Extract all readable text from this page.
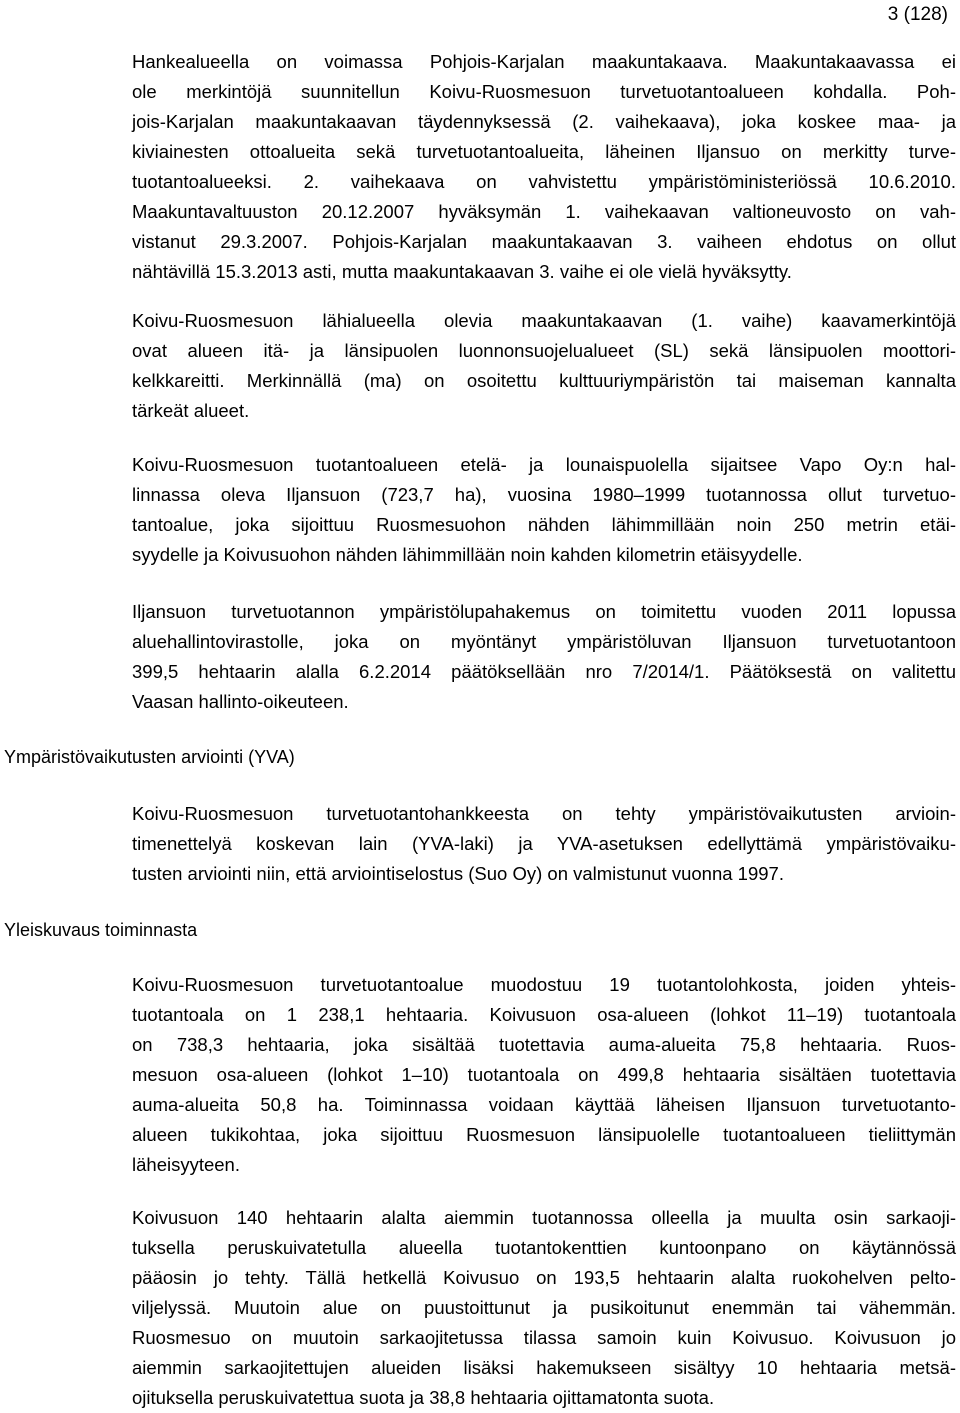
3 (128)
Hankealueella on voimassa Pohjois-Karjalan maakuntakaava. Maakuntakaavassa ei
ole merkintöjä suunnitellun Koivu-Ruosmesuon turvetuotantoalueen kohdalla. Poh-
jois-Karjalan maakuntakaavan täydennyksessä (2. vaihekaava), joka koskee maa- ja
kiviainesten ottoalueita sekä turvetuotantoalueita, läheinen Iljansuo on merkitty turve-
tuotantoalueeksi. 2. vaihekaava on vahvistettu ympäristöministeriössä 10.6.2010.
Maakuntavaltuuston 20.12.2007 hyväksymän 1. vaihekaavan valtioneuvosto on vah-
vistanut 29.3.2007. Pohjois-Karjalan maakuntakaavan 3. vaiheen ehdotus on ollut
nähtävillä 15.3.2013 asti, mutta maakuntakaavan 3. vaihe ei ole vielä hyväksytty.
Koivu-Ruosmesuon lähialueella olevia maakuntakaavan (1. vaihe) kaavamerkintöjä
ovat alueen itä- ja länsipuolen luonnonsuojelualueet (SL) sekä länsipuolen moottori-
kelkkareitti. Merkinnällä (ma) on osoitettu kulttuuriympäristön tai maiseman kannalta
tärkeät alueet.
Koivu-Ruosmesuon tuotantoalueen etelä- ja lounaispuolella sijaitsee Vapo Oy:n hal-
linnassa oleva Iljansuon (723,7 ha), vuosina 1980–1999 tuotannossa ollut turvetuo-
tantoalue, joka sijoittuu Ruosmesuohon nähden lähimmillään noin 250 metrin etäi-
syydelle ja Koivusuohon nähden lähimmillään noin kahden kilometrin etäisyydelle.
Iljansuon turvetuotannon ympäristölupahakemus on toimitettu vuoden 2011 lopussa
aluehallintovirastolle, joka on myöntänyt ympäristöluvan Iljansuon turvetuotantoon
399,5 hehtaarin alalla 6.2.2014 päätöksellään nro 7/2014/1. Päätöksestä on valitettu
Vaasan hallinto-oikeuteen.
Ympäristövaikutusten arviointi (YVA)
Koivu-Ruosmesuon turvetuotantohankkeesta on tehty ympäristövaikutusten arvioin-
timenettelyä koskevan lain (YVA-laki) ja YVA-asetuksen edellyttämä ympäristövaiku-
tusten arviointi niin, että arviointiselostus (Suo Oy) on valmistunut vuonna 1997.
Yleiskuvaus toiminnasta
Koivu-Ruosmesuon turvetuotantoalue muodostuu 19 tuotantolohkosta, joiden yhteis-
tuotantoala on 1 238,1 hehtaaria. Koivusuon osa-alueen (lohkot 11–19) tuotantoala
on 738,3 hehtaaria, joka sisältää tuotettavia auma-alueita 75,8 hehtaaria. Ruos-
mesuon osa-alueen (lohkot 1–10) tuotantoala on 499,8 hehtaaria sisältäen tuotettavia
auma-alueita 50,8 ha. Toiminnassa voidaan käyttää läheisen Iljansuon turvetuotanto-
alueen tukikohtaa, joka sijoittuu Ruosmesuon länsipuolelle tuotantoalueen tieliittymän
läheisyyteen.
Koivusuon 140 hehtaarin alalta aiemmin tuotannossa olleella ja muulta osin sarkaoji-
tuksella peruskuivatetulla alueella tuotantokenttien kuntoonpano on käytännössä
pääosin jo tehty. Tällä hetkellä Koivusuo on 193,5 hehtaarin alalta ruokohelven pelto-
viljelyssä. Muutoin alue on puustoittunut ja pusikoitunut enemmän tai vähemmän.
Ruosmesuo on muutoin sarkaojitetussa tilassa samoin kuin Koivusuo. Koivusuon jo
aiemmin sarkaojitettujen alueiden lisäksi hakemukseen sisältyy 10 hehtaaria metsä-
ojituksella peruskuivatettua suota ja 38,8 hehtaaria ojittamatonta suota.
